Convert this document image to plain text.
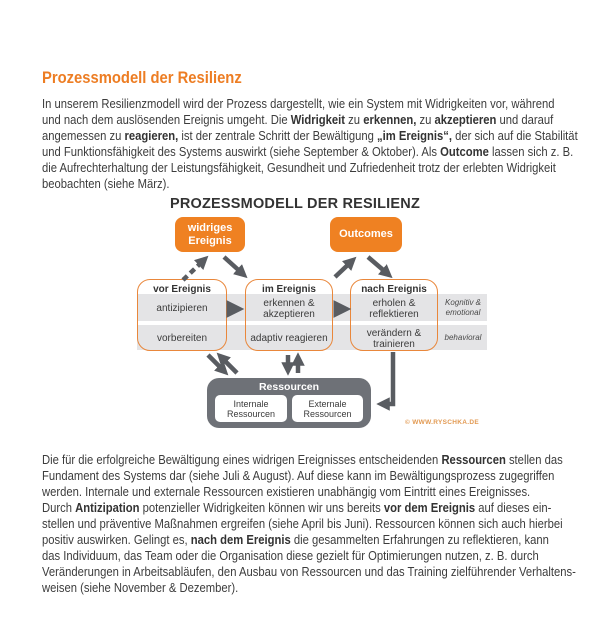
Prozessmodell der Resilienz
In unserem Resilienzmodell wird der Prozess dargestellt, wie ein System mit Widrigkeiten vor, während
und nach dem auslösenden Ereignis umgeht. Die Widrigkeit zu erkennen, zu akzeptieren und darauf
angemessen zu reagieren, ist der zentrale Schritt der Bewältigung „im Ereignis“, der sich auf die Stabilität
und Funktionsfähigkeit des Systems auswirkt (siehe September & Oktober). Als Outcome lassen sich z. B.
die Aufrechterhaltung der Leistungsfähigkeit, Gesundheit und Zufriedenheit trotz der erlebten Widrigkeit
beobachten (siehe März).
PROZESSMODELL DER RESILIENZ
Kognitiv & emotional
behavioral
widriges Ereignis
Outcomes
vor Ereignis
antizipieren
vorbereiten
im Ereignis
erkennen & akzeptieren
adaptiv reagieren
nach Ereignis
erholen & reflektieren
verändern & trainieren
Ressourcen
Internale Ressourcen
Externale Ressourcen
© WWW.RYSCHKA.DE
Die für die erfolgreiche Bewältigung eines widrigen Ereignisses entscheidenden Ressourcen stellen das
Fundament des Systems dar (siehe Juli & August). Auf diese kann im Bewältigungsprozess zugegriffen
werden. Internale und externale Ressourcen existieren unabhängig vom Eintritt eines Ereignisses.
Durch Antizipation potenzieller Widrigkeiten können wir uns bereits vor dem Ereignis auf dieses ein-
stellen und präventive Maßnahmen ergreifen (siehe April bis Juni). Ressourcen können sich auch hierbei
positiv auswirken. Gelingt es, nach dem Ereignis die gesammelten Erfahrungen zu reflektieren, kann
das Individuum, das Team oder die Organisation diese gezielt für Optimierungen nutzen, z. B. durch
Veränderungen in Arbeitsabläufen, den Ausbau von Ressourcen und das Training zielführender Verhaltens-
weisen (siehe November & Dezember).
